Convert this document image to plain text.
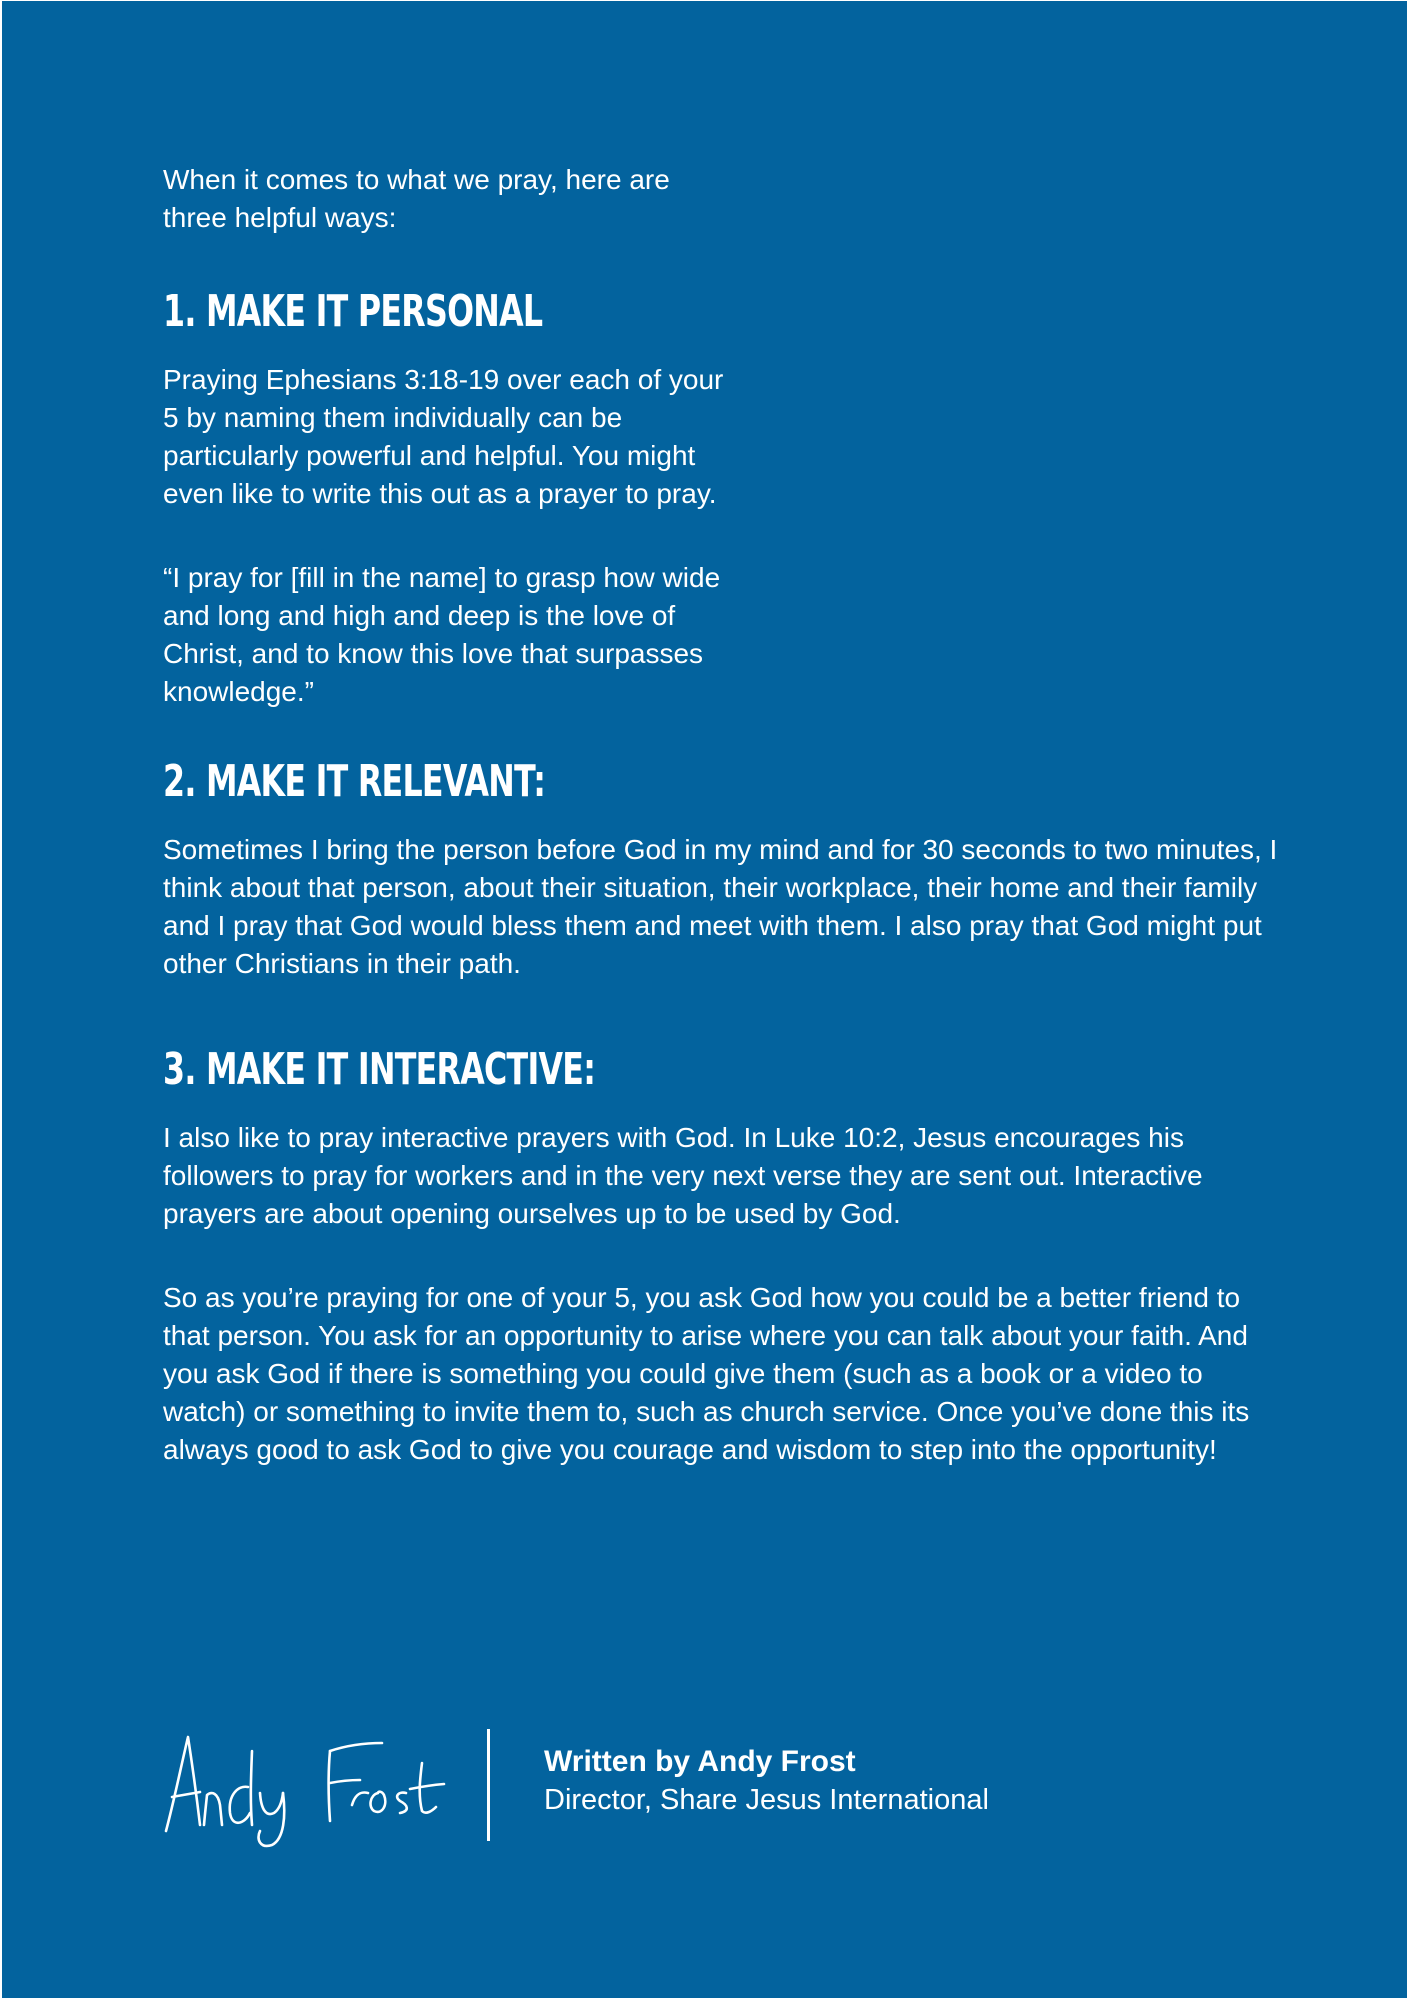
When it comes to what we pray, here are three helpful ways:

1. MAKE IT PERSONAL

Praying Ephesians 3:18-19 over each of your 5 by naming them individually can be particularly powerful and helpful. You might even like to write this out as a prayer to pray.

“I pray for [fill in the name] to grasp how wide and long and high and deep is the love of Christ, and to know this love that surpasses knowledge.”

2. MAKE IT RELEVANT:

Sometimes I bring the person before God in my mind and for 30 seconds to two minutes, I think about that person, about their situation, their workplace, their home and their family and I pray that God would bless them and meet with them. I also pray that God might put other Christians in their path.

3. MAKE IT INTERACTIVE:

I also like to pray interactive prayers with God. In Luke 10:2, Jesus encourages his followers to pray for workers and in the very next verse they are sent out. Interactive prayers are about opening ourselves up to be used by God.

So as you’re praying for one of your 5, you ask God how you could be a better friend to that person. You ask for an opportunity to arise where you can talk about your faith. And you ask God if there is something you could give them (such as a book or a video to watch) or something to invite them to, such as church service. Once you’ve done this its always good to ask God to give you courage and wisdom to step into the opportunity!

Written by Andy Frost
Director, Share Jesus International
